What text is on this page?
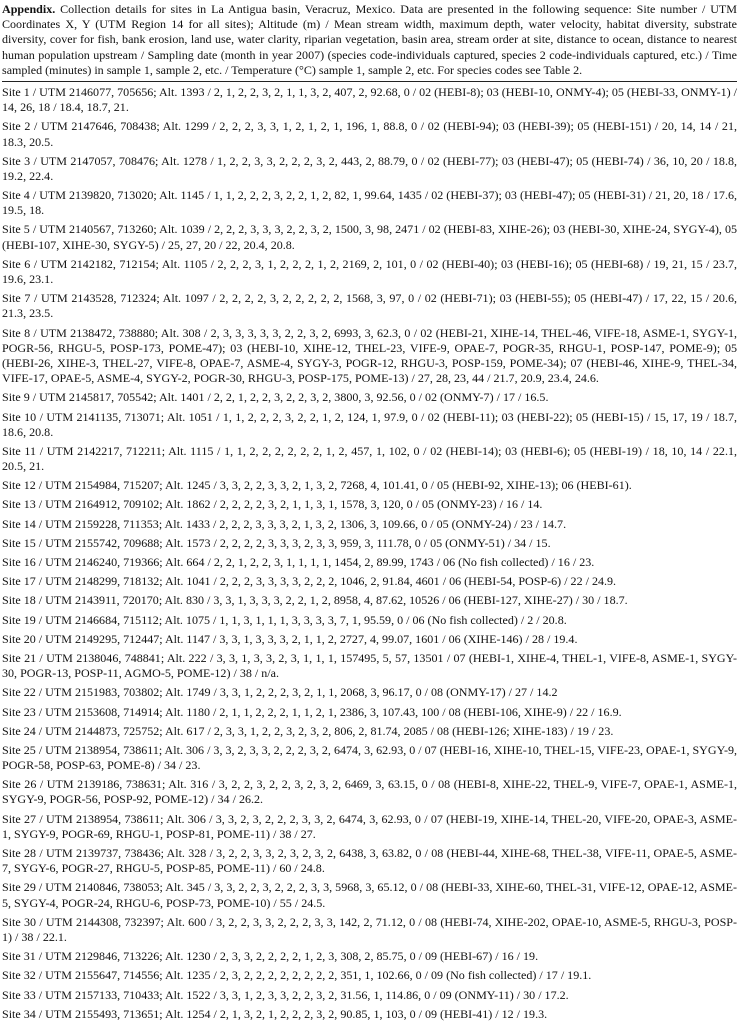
Appendix. Collection details for sites in La Antigua basin, Veracruz, Mexico. Data are presented in the following sequence: Site number / UTM Coordinates X, Y (UTM Region 14 for all sites); Altitude (m) / Mean stream width, maximum depth, water velocity, habitat diversity, substrate diversity, cover for fish, bank erosion, land use, water clarity, riparian vegetation, basin area, stream order at site, distance to ocean, distance to nearest human population upstream / Sampling date (month in year 2007) (species code-individuals captured, species 2 code-individuals captured, etc.) / Time sampled (minutes) in sample 1, sample 2, etc. / Temperature (°C) sample 1, sample 2, etc. For species codes see Table 2.

Site 1 / UTM 2146077, 705656; Alt. 1393 / 2, 1, 2, 2, 3, 2, 1, 1, 3, 2, 407, 2, 92.68, 0 / 02 (HEBI-8); 03 (HEBI-10, ONMY-4); 05 (HEBI-33, ONMY-1) / 14, 26, 18 / 18.4, 18.7, 21.

Site 2 / UTM 2147646, 708438; Alt. 1299 / 2, 2, 2, 3, 3, 1, 2, 1, 2, 1, 196, 1, 88.8, 0 / 02 (HEBI-94); 03 (HEBI-39); 05 (HEBI-151) / 20, 14, 14 / 21, 18.3, 20.5.

Site 3 / UTM 2147057, 708476; Alt. 1278 / 1, 2, 2, 3, 3, 2, 2, 2, 3, 2, 443, 2, 88.79, 0 / 02 (HEBI-77); 03 (HEBI-47); 05 (HEBI-74) / 36, 10, 20 / 18.8, 19.2, 22.4.

Site 4 / UTM 2139820, 713020; Alt. 1145 / 1, 1, 2, 2, 2, 3, 2, 2, 1, 2, 82, 1, 99.64, 1435 / 02 (HEBI-37); 03 (HEBI-47); 05 (HEBI-31) / 21, 20, 18 / 17.6, 19.5, 18.

Site 5 / UTM 2140567, 713260; Alt. 1039 / 2, 2, 2, 3, 3, 3, 2, 2, 3, 2, 1500, 3, 98, 2471 / 02 (HEBI-83, XIHE-26); 03 (HEBI-30, XIHE-24, SYGY-4), 05 (HEBI-107, XIHE-30, SYGY-5) / 25, 27, 20 / 22, 20.4, 20.8.

Site 6 / UTM 2142182, 712154; Alt. 1105 / 2, 2, 2, 3, 1, 2, 2, 2, 1, 2, 2169, 2, 101, 0 / 02 (HEBI-40); 03 (HEBI-16); 05 (HEBI-68) / 19, 21, 15 / 23.7, 19.6, 23.1.

Site 7 / UTM 2143528, 712324; Alt. 1097 / 2, 2, 2, 2, 3, 2, 2, 2, 2, 2, 1568, 3, 97, 0 / 02 (HEBI-71); 03 (HEBI-55); 05 (HEBI-47) / 17, 22, 15 / 20.6, 21.3, 23.5.

Site 8 / UTM 2138472, 738880; Alt. 308 / 2, 3, 3, 3, 3, 3, 2, 2, 3, 2, 6993, 3, 62.3, 0 / 02 (HEBI-21, XIHE-14, THEL-46, VIFE-18, ASME-1, SYGY-1, POGR-56, RHGU-5, POSP-173, POME-47); 03 (HEBI-10, XIHE-12, THEL-23, VIFE-9, OPAE-7, POGR-35, RHGU-1, POSP-147, POME-9); 05 (HEBI-26, XIHE-3, THEL-27, VIFE-8, OPAE-7, ASME-4, SYGY-3, POGR-12, RHGU-3, POSP-159, POME-34); 07 (HEBI-46, XIHE-9, THEL-34, VIFE-17, OPAE-5, ASME-4, SYGY-2, POGR-30, RHGU-3, POSP-175, POME-13) / 27, 28, 23, 44 / 21.7, 20.9, 23.4, 24.6.

Site 9 / UTM 2145817, 705542; Alt. 1401 / 2, 2, 1, 2, 2, 3, 2, 2, 3, 2, 3800, 3, 92.56, 0 / 02 (ONMY-7) / 17 / 16.5.

Site 10 / UTM 2141135, 713071; Alt. 1051 / 1, 1, 2, 2, 2, 3, 2, 2, 1, 2, 124, 1, 97.9, 0 / 02 (HEBI-11); 03 (HEBI-22); 05 (HEBI-15) / 15, 17, 19 / 18.7, 18.6, 20.8.

Site 11 / UTM 2142217, 712211; Alt. 1115 / 1, 1, 2, 2, 2, 2, 2, 2, 1, 2, 457, 1, 102, 0 / 02 (HEBI-14); 03 (HEBI-6); 05 (HEBI-19) / 18, 10, 14 / 22.1, 20.5, 21.

Site 12 / UTM 2154984, 715207; Alt. 1245 / 3, 3, 2, 2, 3, 3, 2, 1, 3, 2, 7268, 4, 101.41, 0 / 05 (HEBI-92, XIHE-13); 06 (HEBI-61).

Site 13 / UTM 2164912, 709102; Alt. 1862 / 2, 2, 2, 2, 3, 2, 1, 1, 3, 1, 1578, 3, 120, 0 / 05 (ONMY-23) / 16 / 14.

Site 14 / UTM 2159228, 711353; Alt. 1433 / 2, 2, 2, 3, 3, 3, 2, 1, 3, 2, 1306, 3, 109.66, 0 / 05 (ONMY-24) / 23 / 14.7.

Site 15 / UTM 2155742, 709688; Alt. 1573 / 2, 2, 2, 2, 3, 3, 3, 2, 3, 3, 959, 3, 111.78, 0 / 05 (ONMY-51) / 34 / 15.

Site 16 / UTM 2146240, 719366; Alt. 664 / 2, 2, 1, 2, 2, 3, 1, 1, 1, 1, 1454, 2, 89.99, 1743 / 06 (No fish collected) / 16 / 23.

Site 17 / UTM 2148299, 718132; Alt. 1041 / 2, 2, 2, 3, 3, 3, 3, 2, 2, 2, 1046, 2, 91.84, 4601 / 06 (HEBI-54, POSP-6) / 22 / 24.9.

Site 18 / UTM 2143911, 720170; Alt. 830 / 3, 3, 1, 3, 3, 3, 2, 2, 1, 2, 8958, 4, 87.62, 10526 / 06 (HEBI-127, XIHE-27) / 30 / 18.7.

Site 19 / UTM 2146684, 715112; Alt. 1075 / 1, 1, 3, 1, 1, 1, 3, 3, 3, 3, 7, 1, 95.59, 0 / 06 (No fish collected) / 2 / 20.8.

Site 20 / UTM 2149295, 712447; Alt. 1147 / 3, 3, 1, 3, 3, 3, 2, 1, 1, 2, 2727, 4, 99.07, 1601 / 06 (XIHE-146) / 28 / 19.4.

Site 21 / UTM 2138046, 748841; Alt. 222 / 3, 3, 1, 3, 3, 2, 3, 1, 1, 1, 157495, 5, 57, 13501 / 07 (HEBI-1, XIHE-4, THEL-1, VIFE-8, ASME-1, SYGY-30, POGR-13, POSP-11, AGMO-5, POME-12) / 38 / n/a.

Site 22 / UTM 2151983, 703802; Alt. 1749 / 3, 3, 1, 2, 2, 2, 3, 2, 1, 1, 2068, 3, 96.17, 0 / 08 (ONMY-17) / 27 / 14.2

Site 23 / UTM 2153608, 714914; Alt. 1180 / 2, 1, 1, 2, 2, 2, 1, 1, 2, 1, 2386, 3, 107.43, 100 / 08 (HEBI-106, XIHE-9) / 22 / 16.9.

Site 24 / UTM 2144873, 725752; Alt. 617 / 2, 3, 3, 1, 2, 2, 3, 2, 3, 2, 806, 2, 81.74, 2085 / 08 (HEBI-126; XIHE-183) / 19 / 23.

Site 25 / UTM 2138954, 738611; Alt. 306 / 3, 3, 2, 3, 3, 2, 2, 2, 3, 2, 6474, 3, 62.93, 0 / 07 (HEBI-16, XIHE-10, THEL-15, VIFE-23, OPAE-1, SYGY-9, POGR-58, POSP-63, POME-8) / 34 / 23.

Site 26 / UTM 2139186, 738631; Alt. 316 / 3, 2, 2, 3, 2, 2, 3, 2, 3, 2, 6469, 3, 63.15, 0 / 08 (HEBI-8, XIHE-22, THEL-9, VIFE-7, OPAE-1, ASME-1, SYGY-9, POGR-56, POSP-92, POME-12) / 34 / 26.2.

Site 27 / UTM 2138954, 738611; Alt. 306 / 3, 3, 2, 3, 2, 2, 2, 3, 3, 2, 6474, 3, 62.93, 0 / 07 (HEBI-19, XIHE-14, THEL-20, VIFE-20, OPAE-3, ASME-1, SYGY-9, POGR-69, RHGU-1, POSP-81, POME-11) / 38 / 27.

Site 28 / UTM 2139737, 738436; Alt. 328 / 3, 2, 2, 3, 3, 2, 3, 2, 3, 2, 6438, 3, 63.82, 0 / 08 (HEBI-44, XIHE-68, THEL-38, VIFE-11, OPAE-5, ASME-7, SYGY-6, POGR-27, RHGU-5, POSP-85, POME-11) / 60 / 24.8.

Site 29 / UTM 2140846, 738053; Alt. 345 / 3, 3, 2, 2, 3, 2, 2, 2, 3, 3, 5968, 3, 65.12, 0 / 08 (HEBI-33, XIHE-60, THEL-31, VIFE-12, OPAE-12, ASME-5, SYGY-4, POGR-24, RHGU-6, POSP-73, POME-10) / 55 / 24.5.

Site 30 / UTM 2144308, 732397; Alt. 600 / 3, 2, 2, 3, 3, 2, 2, 2, 3, 3, 142, 2, 71.12, 0 / 08 (HEBI-74, XIHE-202, OPAE-10, ASME-5, RHGU-3, POSP-1) / 38 / 22.1.

Site 31 / UTM 2129846, 713226; Alt. 1230 / 2, 3, 3, 2, 2, 2, 2, 1, 2, 3, 308, 2, 85.75, 0 / 09 (HEBI-67) / 16 / 19.

Site 32 / UTM 2155647, 714556; Alt. 1235 / 2, 3, 2, 2, 2, 2, 2, 2, 2, 2, 351, 1, 102.66, 0 / 09 (No fish collected) / 17 / 19.1.

Site 33 / UTM 2157133, 710433; Alt. 1522 / 3, 3, 1, 2, 3, 3, 2, 2, 3, 2, 31.56, 1, 114.86, 0 / 09 (ONMY-11) / 30 / 17.2.

Site 34 / UTM 2155493, 713651; Alt. 1254 / 2, 1, 3, 2, 1, 2, 2, 2, 3, 2, 90.85, 1, 103, 0 / 09 (HEBI-41) / 12 / 19.3.
